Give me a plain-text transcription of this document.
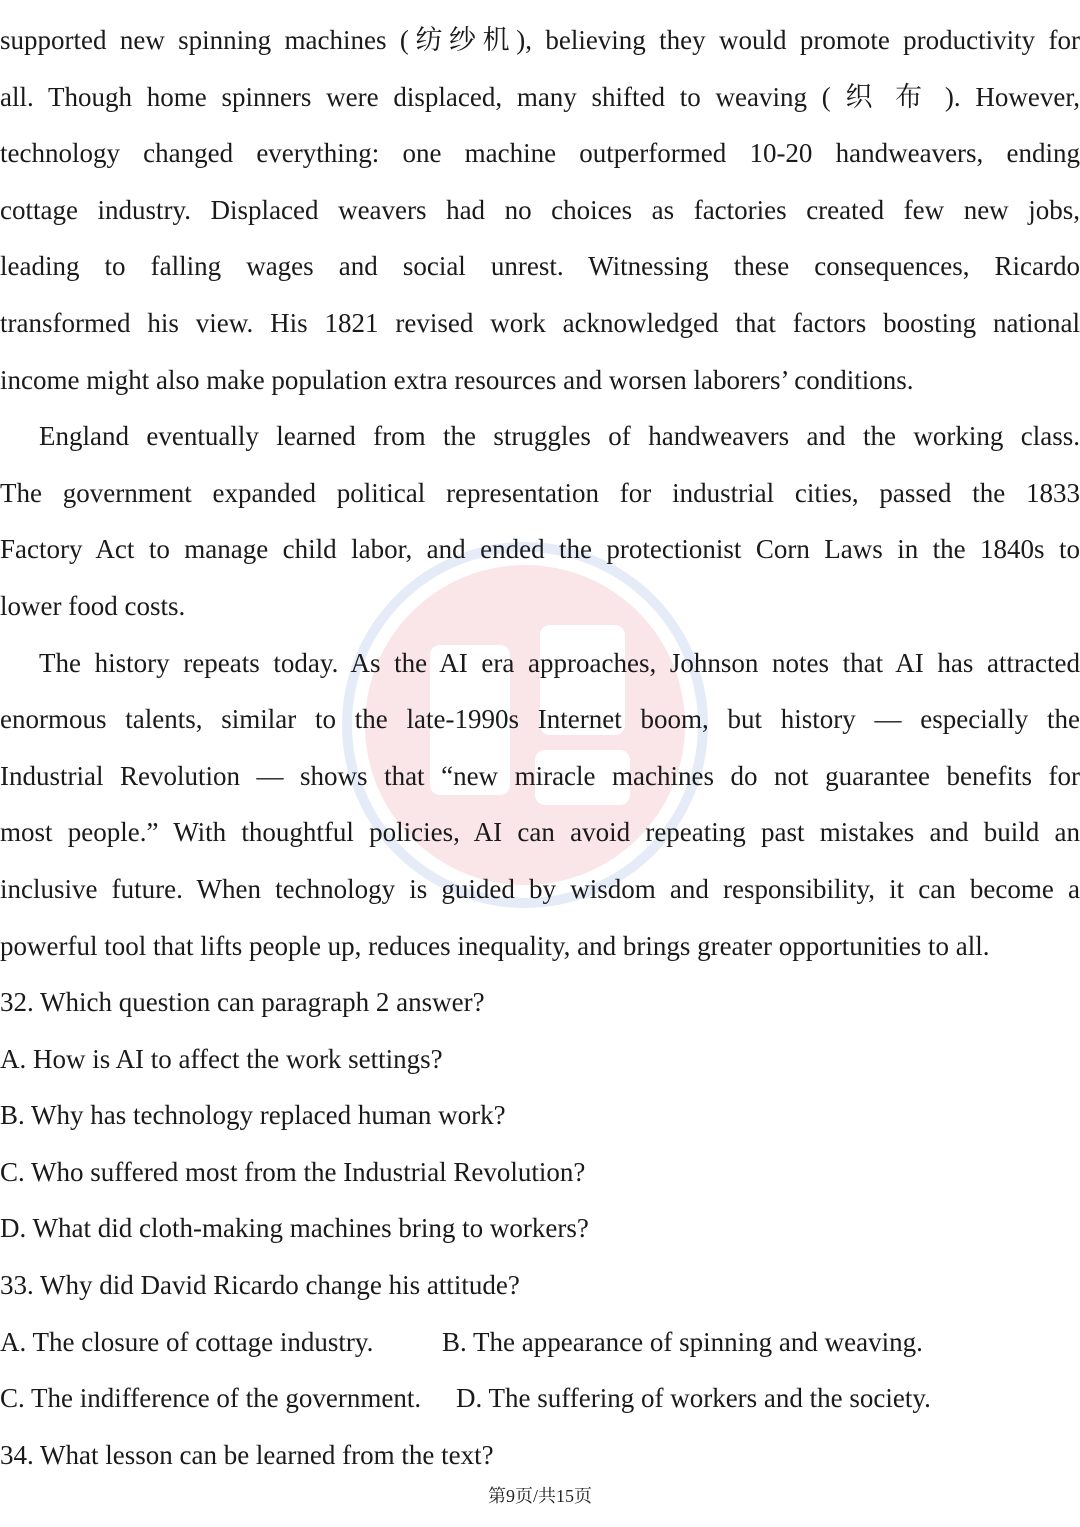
supported new spinning machines (纺纱机), believing they would promote productivity for
all. Though home spinners were displaced, many shifted to weaving ( 织 布 ). However,
technology changed everything: one machine outperformed 10-20 handweavers, ending
cottage industry. Displaced weavers had no choices as factories created few new jobs,
leading to falling wages and social unrest. Witnessing these consequences, Ricardo
transformed his view. His 1821 revised work acknowledged that factors boosting national
income might also make population extra resources and worsen laborers’ conditions.
England eventually learned from the struggles of handweavers and the working class.
The government expanded political representation for industrial cities, passed the 1833
Factory Act to manage child labor, and ended the protectionist Corn Laws in the 1840s to
lower food costs.
The history repeats today. As the AI era approaches, Johnson notes that AI has attracted
enormous talents, similar to the late-1990s Internet boom, but history — especially the
Industrial Revolution — shows that “new miracle machines do not guarantee benefits for
most people.” With thoughtful policies, AI can avoid repeating past mistakes and build an
inclusive future. When technology is guided by wisdom and responsibility, it can become a
powerful tool that lifts people up, reduces inequality, and brings greater opportunities to all.
32. Which question can paragraph 2 answer?
A. How is AI to affect the work settings?
B. Why has technology replaced human work?
C. Who suffered most from the Industrial Revolution?
D. What did cloth-making machines bring to workers?
33. Why did David Ricardo change his attitude?
A. The closure of cottage industry.	B. The appearance of spinning and weaving.
C. The indifference of the government. D. The suffering of workers and the society.
34. What lesson can be learned from the text?
第9页/共15页
